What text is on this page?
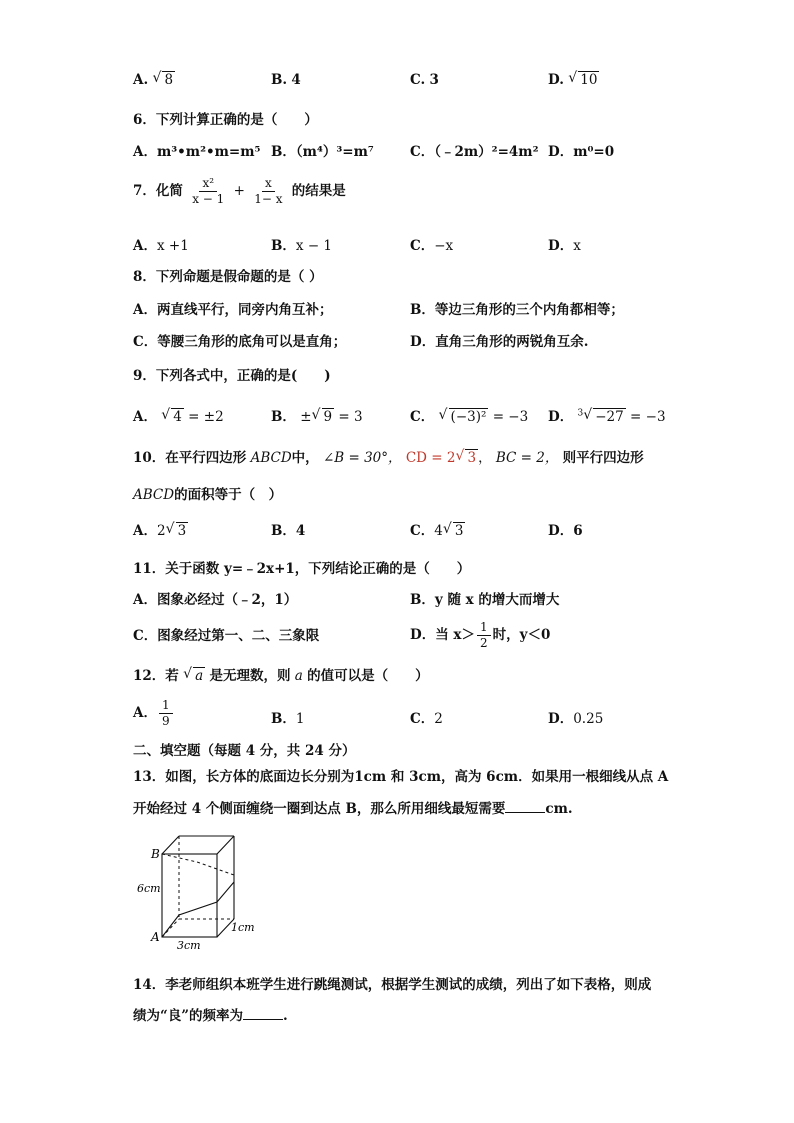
A. √ 8	B. 4	C. 3	D. √ 10
6．下列计算正确的是（　　）
A．m³•m²•m=m⁵ B．（m⁴）³=m⁷	C．（﹣2m）²=4m² D．m⁰=0
7．化简 $\frac{\text{x²}}{x - 1} + \frac{x}{1- x}$ 的结果是
A．x +1	B．x − 1	C．−x	D．x
8．下列命题是假命题的是（ ）
A．两直线平行，同旁内角互补；	B．等边三角形的三个内角都相等；
C．等腰三角形的底角可以是直角；	D．直角三角形的两锐角互余.
9．下列各式中，正确的是(　　)
A． √ 4 = ±2	B． ± √ 9 = 3	C． √ (−3)² = −3 D． $^3$ √ −27 = −3
10．在平行四边形 ABCD中， ∠B = 30°， CD = 2 √ 3 ， BC = 2， 则平行四边形
ABCD的面积等于（　）
A．2 √ 3	B．4	C．4 √ 3	D．6
11．关于函数 y=﹣2x+1，下列结论正确的是（　　）
A．图象必经过（﹣2，1）	B．y 随 x 的增大而增大
C．图象经过第一、二、三象限	D．当 $x> \frac{1}{2}$ 时，y＜0
12．若 √ a 是无理数，则 a 的值可以是（　　）
A． $\frac{1}{9}$	B．1	C．2	D．0.25
二、填空题（每题 4 分，共 24 分）
13．如图，长方体的底面边长分别为1cm 和 3cm，高为 6cm．如果用一根细线从点 A
开始经过 4 个侧面缠绕一圈到达点 B，那么所用细线最短需要	cm.
B
A
6cm
3cm
1cm
14．李老师组织本班学生进行跳绳测试，根据学生测试的成绩，列出了如下表格，则成
绩为“良”的频率为	.
